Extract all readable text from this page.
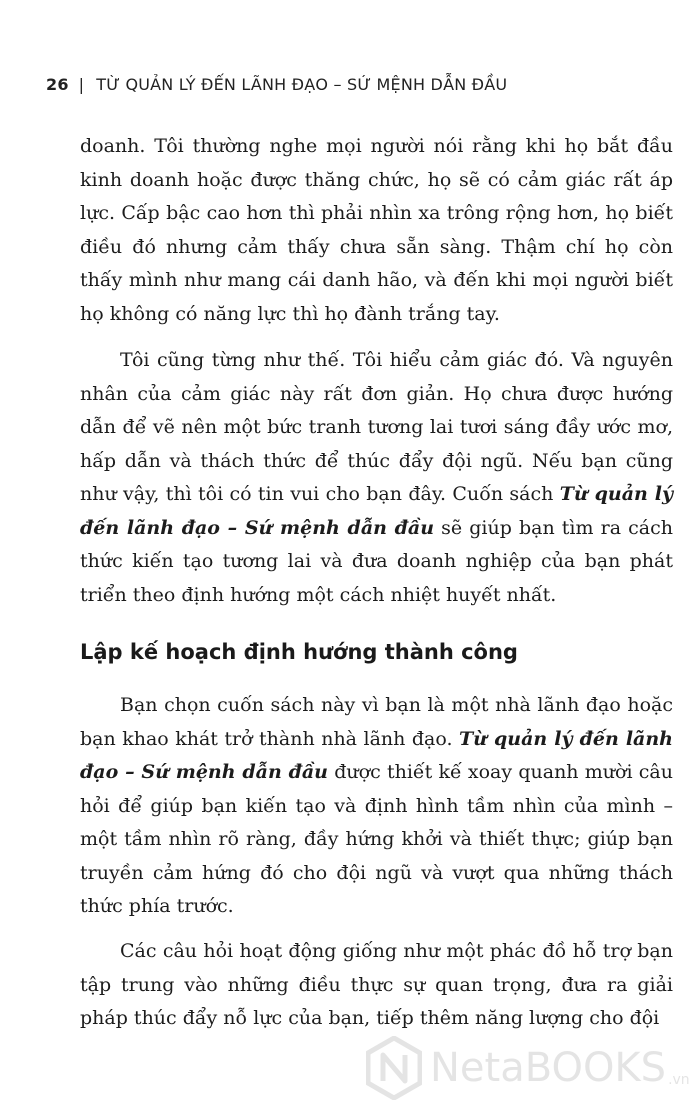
26 | TỪ QUẢN LÝ ĐẾN LÃNH ĐẠO – SỨ MỆNH DẪN ĐẦU

doanh. Tôi thường nghe mọi người nói rằng khi họ bắt đầu kinh doanh hoặc được thăng chức, họ sẽ có cảm giác rất áp lực. Cấp bậc cao hơn thì phải nhìn xa trông rộng hơn, họ biết điều đó nhưng cảm thấy chưa sẵn sàng. Thậm chí họ còn thấy mình như mang cái danh hão, và đến khi mọi người biết họ không có năng lực thì họ đành trắng tay.

Tôi cũng từng như thế. Tôi hiểu cảm giác đó. Và nguyên nhân của cảm giác này rất đơn giản. Họ chưa được hướng dẫn để vẽ nên một bức tranh tương lai tươi sáng đầy ước mơ, hấp dẫn và thách thức để thúc đẩy đội ngũ. Nếu bạn cũng như vậy, thì tôi có tin vui cho bạn đây. Cuốn sách Từ quản lý đến lãnh đạo – Sứ mệnh dẫn đầu sẽ giúp bạn tìm ra cách thức kiến tạo tương lai và đưa doanh nghiệp của bạn phát triển theo định hướng một cách nhiệt huyết nhất.

Lập kế hoạch định hướng thành công

Bạn chọn cuốn sách này vì bạn là một nhà lãnh đạo hoặc bạn khao khát trở thành nhà lãnh đạo. Từ quản lý đến lãnh đạo – Sứ mệnh dẫn đầu được thiết kế xoay quanh mười câu hỏi để giúp bạn kiến tạo và định hình tầm nhìn của mình – một tầm nhìn rõ ràng, đầy hứng khởi và thiết thực; giúp bạn truyền cảm hứng đó cho đội ngũ và vượt qua những thách thức phía trước.

Các câu hỏi hoạt động giống như một phác đồ hỗ trợ bạn tập trung vào những điều thực sự quan trọng, đưa ra giải pháp thúc đẩy nỗ lực của bạn, tiếp thêm năng lượng cho đội

NetaBOOKS .vn
